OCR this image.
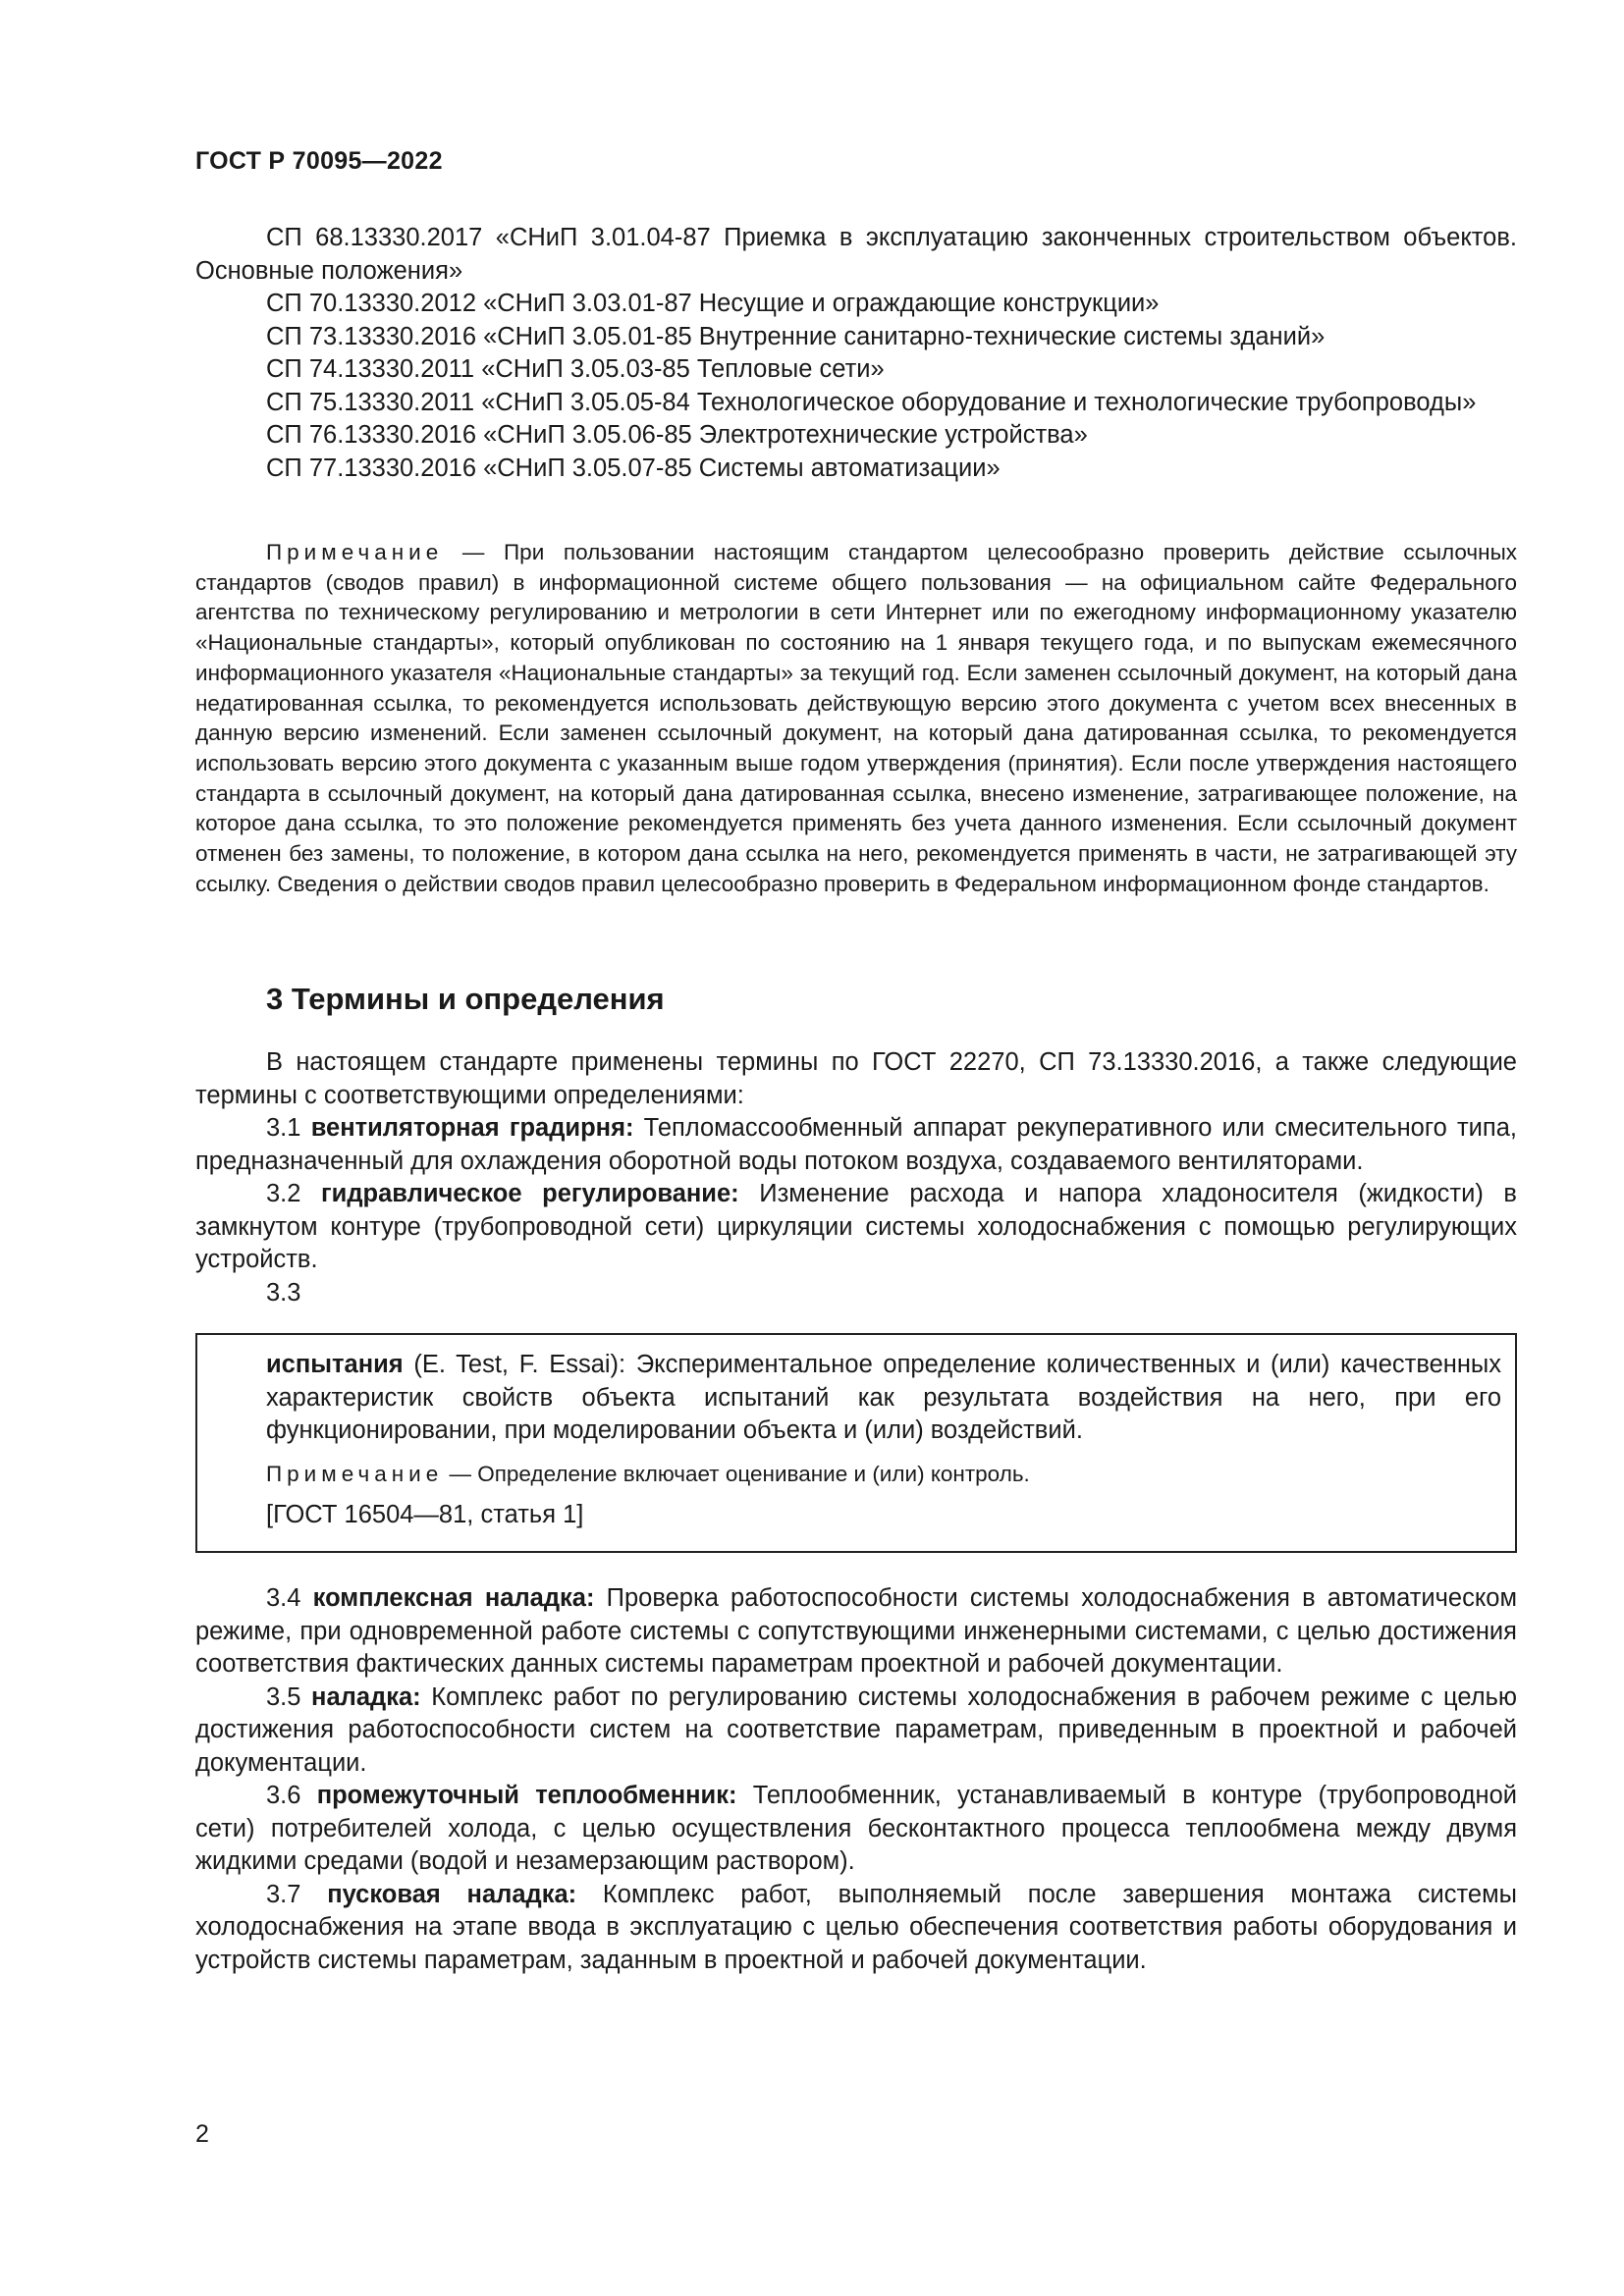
ГОСТ Р 70095—2022

СП 68.13330.2017 «СНиП 3.01.04-87 Приемка в эксплуатацию законченных строительством объектов. Основные положения»

СП 70.13330.2012 «СНиП 3.03.01-87 Несущие и ограждающие конструкции»

СП 73.13330.2016 «СНиП 3.05.01-85 Внутренние санитарно-технические системы зданий»

СП 74.13330.2011 «СНиП 3.05.03-85 Тепловые сети»

СП 75.13330.2011 «СНиП 3.05.05-84 Технологическое оборудование и технологические трубопроводы»

СП 76.13330.2016 «СНиП 3.05.06-85 Электротехнические устройства»

СП 77.13330.2016 «СНиП 3.05.07-85 Системы автоматизации»

Примечание — При пользовании настоящим стандартом целесообразно проверить действие ссылочных стандартов (сводов правил) в информационной системе общего пользования — на официальном сайте Федерального агентства по техническому регулированию и метрологии в сети Интернет или по ежегодному информационному указателю «Национальные стандарты», который опубликован по состоянию на 1 января текущего года, и по выпускам ежемесячного информационного указателя «Национальные стандарты» за текущий год. Если заменен ссылочный документ, на который дана недатированная ссылка, то рекомендуется использовать действующую версию этого документа с учетом всех внесенных в данную версию изменений. Если заменен ссылочный документ, на который дана датированная ссылка, то рекомендуется использовать версию этого документа с указанным выше годом утверждения (принятия). Если после утверждения настоящего стандарта в ссылочный документ, на который дана датированная ссылка, внесено изменение, затрагивающее положение, на которое дана ссылка, то это положение рекомендуется применять без учета данного изменения. Если ссылочный документ отменен без замены, то положение, в котором дана ссылка на него, рекомендуется применять в части, не затрагивающей эту ссылку. Сведения о действии сводов правил целесообразно проверить в Федеральном информационном фонде стандартов.

3 Термины и определения

В настоящем стандарте применены термины по ГОСТ 22270, СП 73.13330.2016, а также следующие термины с соответствующими определениями:

3.1 вентиляторная градирня: Тепломассообменный аппарат рекуперативного или смесительного типа, предназначенный для охлаждения оборотной воды потоком воздуха, создаваемого вентиляторами.

3.2 гидравлическое регулирование: Изменение расхода и напора хладоносителя (жидкости) в замкнутом контуре (трубопроводной сети) циркуляции системы холодоснабжения с помощью регулирующих устройств.

3.3

испытания (E. Test, F. Essai): Экспериментальное определение количественных и (или) качественных характеристик свойств объекта испытаний как результата воздействия на него, при его функционировании, при моделировании объекта и (или) воздействий.

Примечание — Определение включает оценивание и (или) контроль.

[ГОСТ 16504—81, статья 1]

3.4 комплексная наладка: Проверка работоспособности системы холодоснабжения в автоматическом режиме, при одновременной работе системы с сопутствующими инженерными системами, с целью достижения соответствия фактических данных системы параметрам проектной и рабочей документации.

3.5 наладка: Комплекс работ по регулированию системы холодоснабжения в рабочем режиме с целью достижения работоспособности систем на соответствие параметрам, приведенным в проектной и рабочей документации.

3.6 промежуточный теплообменник: Теплообменник, устанавливаемый в контуре (трубопроводной сети) потребителей холода, с целью осуществления бесконтактного процесса теплообмена между двумя жидкими средами (водой и незамерзающим раствором).

3.7 пусковая наладка: Комплекс работ, выполняемый после завершения монтажа системы холодоснабжения на этапе ввода в эксплуатацию с целью обеспечения соответствия работы оборудования и устройств системы параметрам, заданным в проектной и рабочей документации.

2
